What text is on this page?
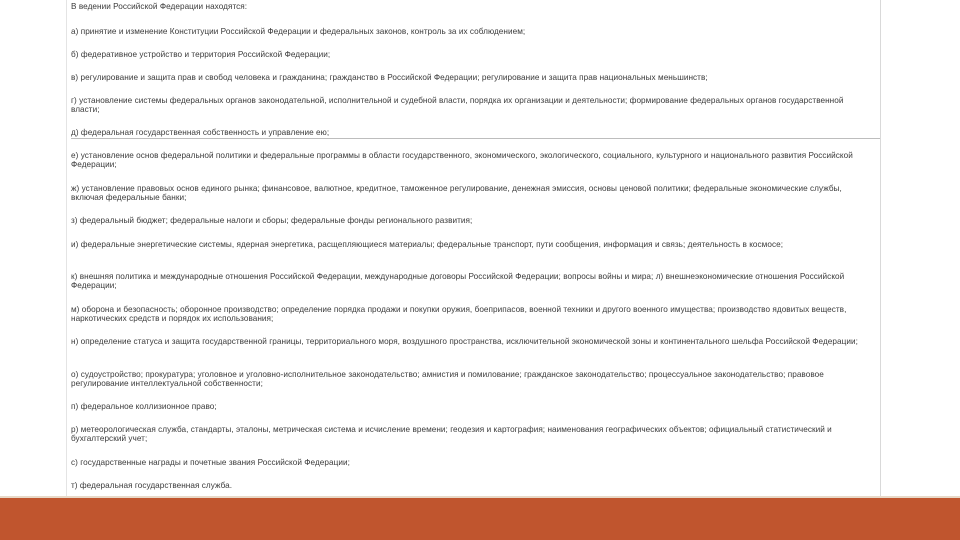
В ведении Российской Федерации находятся:
а) принятие и изменение Конституции Российской Федерации и федеральных законов, контроль за их соблюдением;
б) федеративное устройство и территория Российской Федерации;
в) регулирование и защита прав и свобод человека и гражданина; гражданство в Российской Федерации; регулирование и защита прав национальных меньшинств;
г) установление системы федеральных органов законодательной, исполнительной и судебной власти, порядка их организации и деятельности; формирование федеральных органов государственной власти;
д) федеральная государственная собственность и управление ею;
е) установление основ федеральной политики и федеральные программы в области государственного, экономического, экологического, социального, культурного и национального развития Российской Федерации;
ж) установление правовых основ единого рынка; финансовое, валютное, кредитное, таможенное регулирование, денежная эмиссия, основы ценовой политики; федеральные экономические службы, включая федеральные банки;
з) федеральный бюджет; федеральные налоги и сборы; федеральные фонды регионального развития;
и) федеральные энергетические системы, ядерная энергетика, расщепляющиеся материалы; федеральные транспорт, пути сообщения, информация и связь; деятельность в космосе;
к) внешняя политика и международные отношения Российской Федерации, международные договоры Российской Федерации; вопросы войны и мира; л) внешнеэкономические отношения Российской Федерации;
м) оборона и безопасность; оборонное производство; определение порядка продажи и покупки оружия, боеприпасов, военной техники и другого военного имущества; производство ядовитых веществ, наркотических средств и порядок их использования;
н) определение статуса и защита государственной границы, территориального моря, воздушного пространства, исключительной экономической зоны и континентального шельфа Российской Федерации;
о) судоустройство; прокуратура; уголовное и уголовно-исполнительное законодательство; амнистия и помилование; гражданское законодательство; процессуальное законодательство; правовое регулирование интеллектуальной собственности;
п) федеральное коллизионное право;
р) метеорологическая служба, стандарты, эталоны, метрическая система и исчисление времени; геодезия и картография; наименования географических объектов; официальный статистический и бухгалтерский учет;
с) государственные награды и почетные звания Российской Федерации;
т) федеральная государственная служба.
